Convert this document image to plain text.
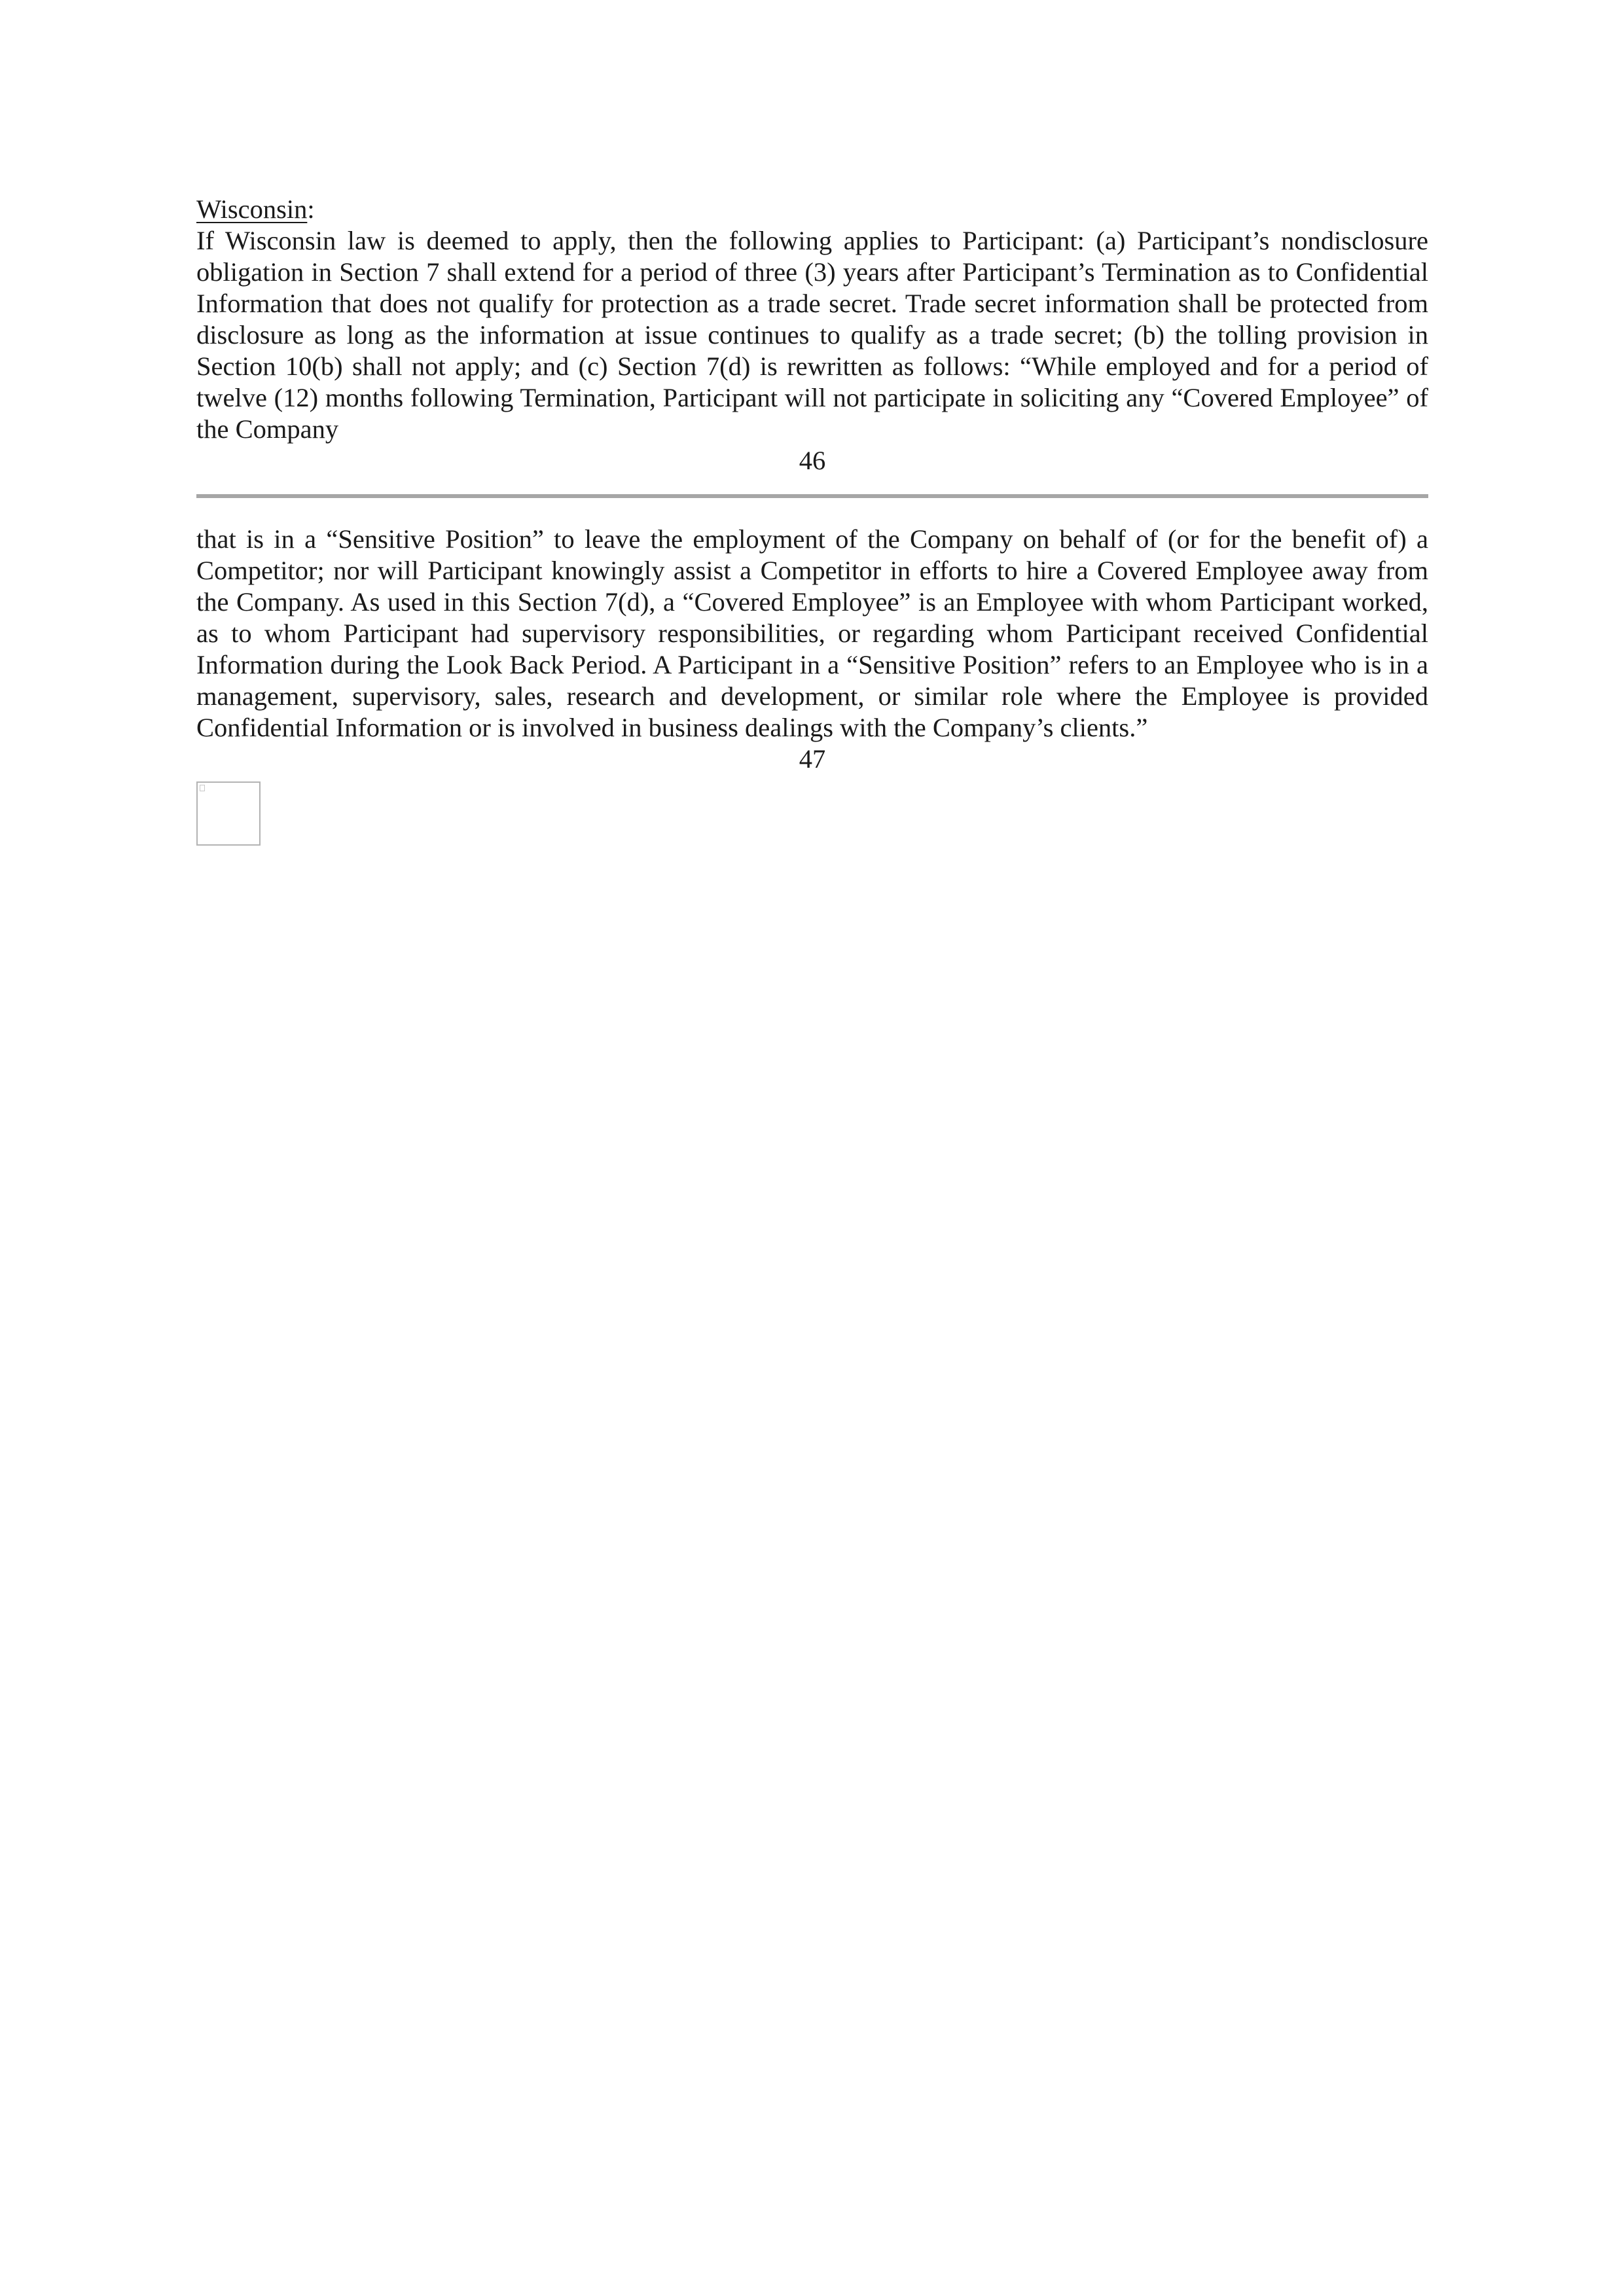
Wisconsin:

If Wisconsin law is deemed to apply, then the following applies to Participant: (a) Participant’s nondisclosure obligation in Section 7 shall extend for a period of three (3) years after Participant’s Termination as to Confidential Information that does not qualify for protection as a trade secret. Trade secret information shall be protected from disclosure as long as the information at issue continues to qualify as a trade secret; (b) the tolling provision in Section 10(b) shall not apply; and (c) Section 7(d) is rewritten as follows: “While employed and for a period of twelve (12) months following Termination, Participant will not participate in soliciting any “Covered Employee” of the Company

46

that is in a “Sensitive Position” to leave the employment of the Company on behalf of (or for the benefit of) a Competitor; nor will Participant knowingly assist a Competitor in efforts to hire a Covered Employee away from the Company. As used in this Section 7(d), a “Covered Employee” is an Employee with whom Participant worked, as to whom Participant had supervisory responsibilities, or regarding whom Participant received Confidential Information during the Look Back Period. A Participant in a “Sensitive Position” refers to an Employee who is in a management, supervisory, sales, research and development, or similar role where the Employee is provided Confidential Information or is involved in business dealings with the Company’s clients.”

47
